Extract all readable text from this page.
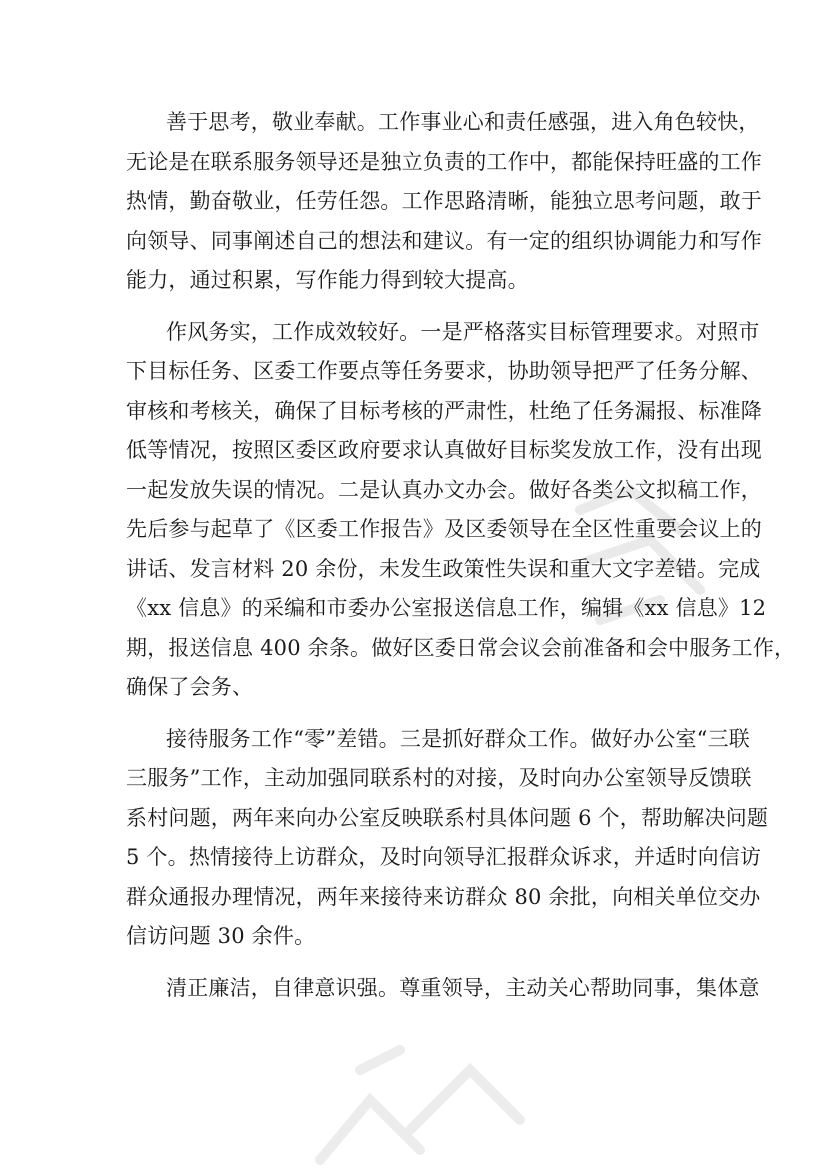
善于思考，敬业奉献。工作事业心和责任感强，进入角色较快，
无论是在联系服务领导还是独立负责的工作中，都能保持旺盛的工作
热情，勤奋敬业，任劳任怨。工作思路清晰，能独立思考问题，敢于
向领导、同事阐述自己的想法和建议。有一定的组织协调能力和写作
能力，通过积累，写作能力得到较大提高。
作风务实，工作成效较好。一是严格落实目标管理要求。对照市
下目标任务、区委工作要点等任务要求，协助领导把严了任务分解、
审核和考核关，确保了目标考核的严肃性，杜绝了任务漏报、标准降
低等情况，按照区委区政府要求认真做好目标奖发放工作，没有出现
一起发放失误的情况。二是认真办文办会。做好各类公文拟稿工作，
先后参与起草了《区委工作报告》及区委领导在全区性重要会议上的
讲话、发言材料 20 余份，未发生政策性失误和重大文字差错。完成
《xx 信息》的采编和市委办公室报送信息工作，编辑《xx 信息》12
期，报送信息 400 余条。做好区委日常会议会前准备和会中服务工作，
确保了会务、
接待服务工作“零”差错。三是抓好群众工作。做好办公室“三联
三服务”工作，主动加强同联系村的对接，及时向办公室领导反馈联
系村问题，两年来向办公室反映联系村具体问题 6 个，帮助解决问题
5 个。热情接待上访群众，及时向领导汇报群众诉求，并适时向信访
群众通报办理情况，两年来接待来访群众 80 余批，向相关单位交办
信访问题 30 余件。
清正廉洁，自律意识强。尊重领导，主动关心帮助同事，集体意
